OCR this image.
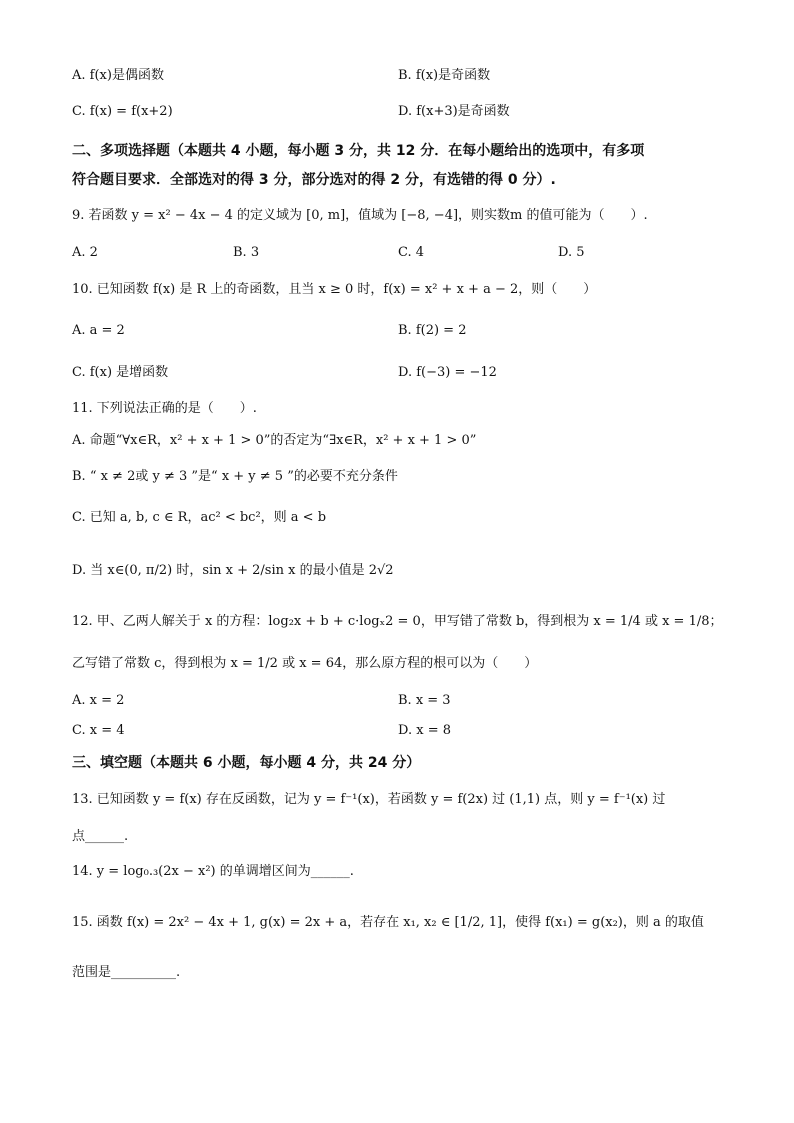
A. f(x)是偶函数	B. f(x)是奇函数
C. f(x) = f(x+2)	D. f(x+3)是奇函数
二、多项选择题（本题共 4 小题，每小题 3 分，共 12 分．在每小题给出的选项中，有多项
符合题目要求．全部选对的得 3 分，部分选对的得 2 分，有选错的得 0 分）.
9. 若函数 y = x² − 4x − 4 的定义域为 [0, m]，值域为 [−8, −4]，则实数m 的值可能为（　　）.
A. 2	B. 3	C. 4	D. 5
10. 已知函数 f(x) 是 R 上的奇函数，且当 x ≥ 0 时，f(x) = x² + x + a − 2，则（　　）
A. a = 2	B. f(2) = 2
C. f(x) 是增函数	D. f(−3) = −12
11. 下列说法正确的是（　　）.
A. 命题“∀x∈R，x² + x + 1 > 0”的否定为“∃x∈R，x² + x + 1 > 0”
B. “ x ≠ 2或 y ≠ 3 ”是“ x + y ≠ 5 ”的必要不充分条件
C. 已知 a, b, c ∈ R，ac² < bc²，则 a < b
D. 当 x∈(0, π/2) 时，sin x + 2/sin x 的最小值是 2√2
12. 甲、乙两人解关于 x 的方程：log₂x + b + c·logₓ2 = 0，甲写错了常数 b，得到根为 x = 1/4 或 x = 1/8；
乙写错了常数 c，得到根为 x = 1/2 或 x = 64，那么原方程的根可以为（　　）
A. x = 2	B. x = 3
C. x = 4	D. x = 8
三、填空题（本题共 6 小题，每小题 4 分，共 24 分）
13. 已知函数 y = f(x) 存在反函数，记为 y = f⁻¹(x)，若函数 y = f(2x) 过 (1,1) 点，则 y = f⁻¹(x) 过
点______.
14. y = log₀.₃(2x − x²) 的单调增区间为______.
15. 函数 f(x) = 2x² − 4x + 1, g(x) = 2x + a，若存在 x₁, x₂ ∈ [1/2, 1]，使得 f(x₁) = g(x₂)，则 a 的取值
范围是__________.
